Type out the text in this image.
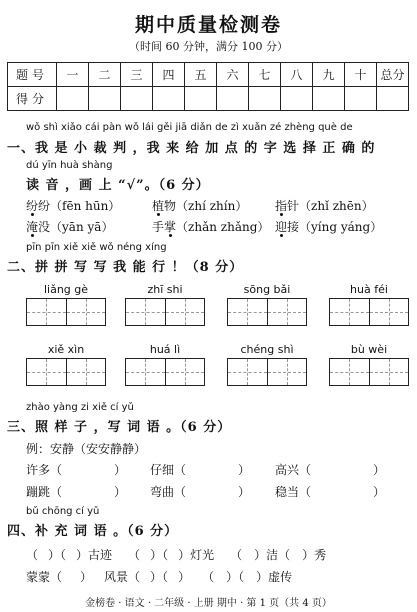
期中质量检测卷
（时间 60 分钟，满分 100 分）
题号	一	二	三	四	五	六	七	八	九	十	总分
得分											
wǒ shì xiǎo cái pàn wǒ lái gěi jiā diǎn de zì xuǎn zé zhèng què de
一、我 是 小 裁 判 ，我 来 给 加 点 的 字 选 择 正 确 的
dú yīn huà shàng
读 音 ，画 上 “√”。（6 分）
纷纷（fēn hūn）	植物（zhí zhín） 指针（zhǐ zhēn）
淹没（yān yā）	手掌（zhǎn zhǎng） 迎接（yíng yáng）
pīn pīn xiě xiě wǒ néng xíng
二、拼 拼 写 写 我 能 行 ！（8 分）
liǎng gè	zhī shi	sōng bǎi	huà féi
xiě xìn	huá lì	chéng shì	bù wèi
zhào yàng zi xiě cí yǔ
三、照 样 子 ，写 词 语 。（6 分）
例：安静（安安静静）
许多（	） 仔细（	） 高兴（	）
蹦跳（	） 弯曲（	） 稳当（	）
bǔ chōng cí yǔ
四、补 充 词 语 。（6 分）
（ ）（ ）古迹 （ ）（ ）灯光 （ ）洁（ ）秀
蒙蒙（ ） 风景（ ）（ ） （ ）（ ）虚传
金榜卷 · 语文 · 二年级 · 上册 期中 · 第 1 页（共 4 页）
